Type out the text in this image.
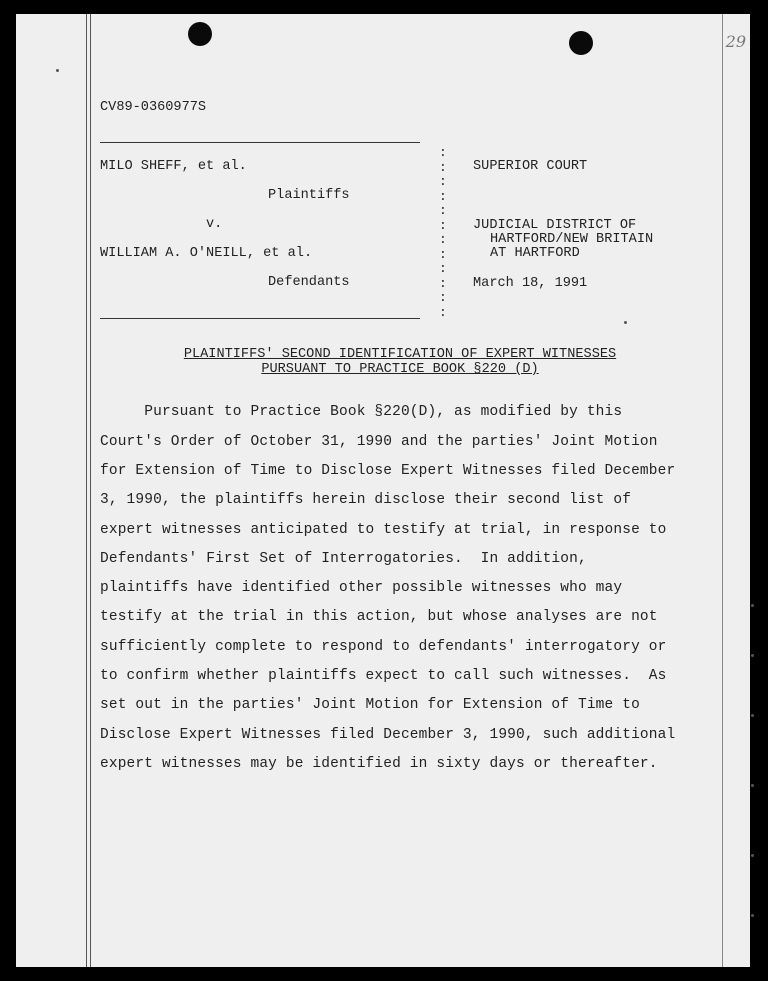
29
CV89-0360977S
MILO SHEFF, et al.
Plaintiffs
v.
WILLIAM A. O'NEILL, et al.
Defendants
:
:
:
:
:
:
:
:
:
:
:
:
SUPERIOR COURT
JUDICIAL DISTRICT OF
HARTFORD/NEW BRITAIN
AT HARTFORD
March 18, 1991
PLAINTIFFS' SECOND IDENTIFICATION OF EXPERT WITNESSES
PURSUANT TO PRACTICE BOOK §220 (D)
Pursuant to Practice Book §220(D), as modified by this
Court's Order of October 31, 1990 and the parties' Joint Motion
for Extension of Time to Disclose Expert Witnesses filed December
3, 1990, the plaintiffs herein disclose their second list of
expert witnesses anticipated to testify at trial, in response to
Defendants' First Set of Interrogatories.  In addition,
plaintiffs have identified other possible witnesses who may
testify at the trial in this action, but whose analyses are not
sufficiently complete to respond to defendants' interrogatory or
to confirm whether plaintiffs expect to call such witnesses.  As
set out in the parties' Joint Motion for Extension of Time to
Disclose Expert Witnesses filed December 3, 1990, such additional
expert witnesses may be identified in sixty days or thereafter.
